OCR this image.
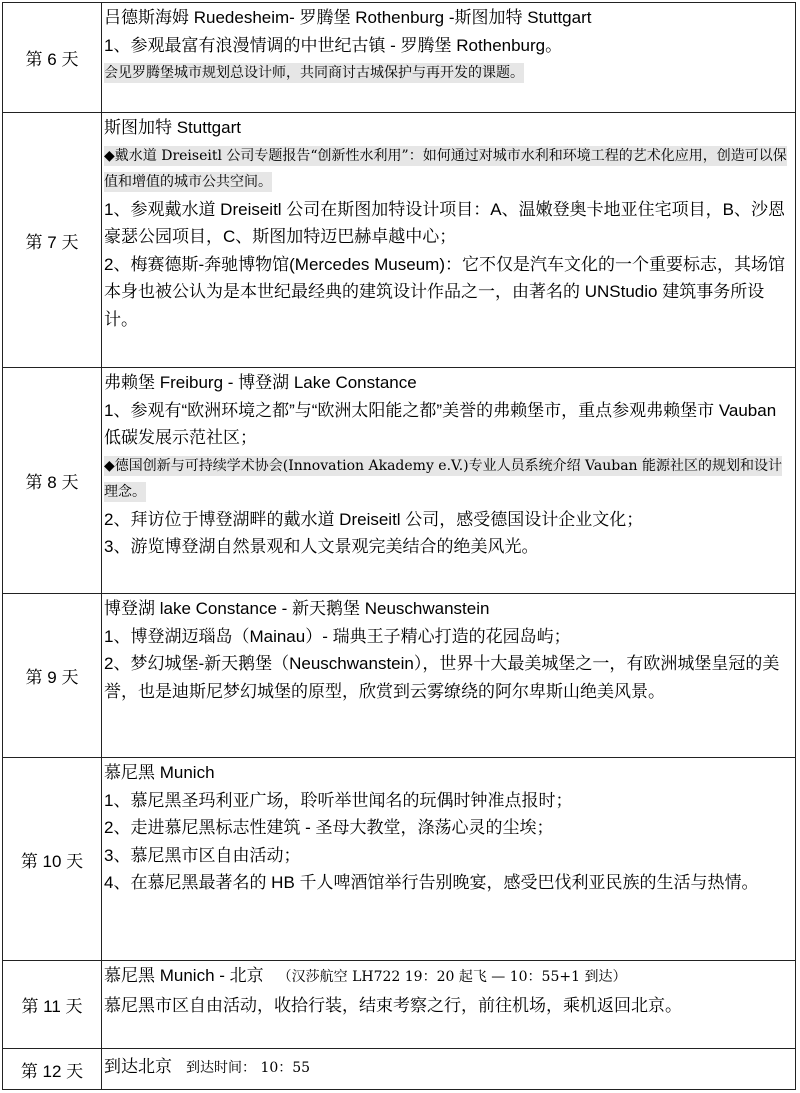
第 6 天	吕德斯海姆 Ruedesheim- 罗腾堡 Rothenburg -斯图加特 Stuttgart
1、参观最富有浪漫情调的中世纪古镇 - 罗腾堡 Rothenburg。
会见罗腾堡城市规划总设计师，共同商讨古城保护与再开发的课题。

第 7 天	斯图加特 Stuttgart
◆戴水道 Dreiseitl 公司专题报告“创新性水利用”：如何通过对城市水利和环境工程的艺术化应用，创造可以保值和增值的城市公共空间。
1、参观戴水道 Dreiseitl 公司在斯图加特设计项目：A、温嫩登奥卡地亚住宅项目，B、沙恩豪瑟公园项目，C、斯图加特迈巴赫卓越中心；
2、梅赛德斯-奔驰博物馆(Mercedes Museum)：它不仅是汽车文化的一个重要标志，其场馆本身也被公认为是本世纪最经典的建筑设计作品之一，由著名的 UNStudio 建筑事务所设计。

第 8 天	弗赖堡 Freiburg - 博登湖 Lake Constance
1、参观有“欧洲环境之都”与“欧洲太阳能之都”美誉的弗赖堡市，重点参观弗赖堡市 Vauban 低碳发展示范社区；
◆德国创新与可持续学术协会(Innovation Akademy e.V.)专业人员系统介绍 Vauban 能源社区的规划和设计理念。
2、拜访位于博登湖畔的戴水道 Dreiseitl 公司，感受德国设计企业文化；
3、游览博登湖自然景观和人文景观完美结合的绝美风光。

第 9 天	博登湖 lake Constance - 新天鹅堡 Neuschwanstein
1、博登湖迈瑙岛（Mainau）- 瑞典王子精心打造的花园岛屿；
2、梦幻城堡-新天鹅堡（Neuschwanstein），世界十大最美城堡之一，有欧洲城堡皇冠的美誉，也是迪斯尼梦幻城堡的原型，欣赏到云雾缭绕的阿尔卑斯山绝美风景。

第 10 天	慕尼黑 Munich
1、慕尼黑圣玛利亚广场，聆听举世闻名的玩偶时钟准点报时；
2、走进慕尼黑标志性建筑 - 圣母大教堂，涤荡心灵的尘埃；
3、慕尼黑市区自由活动；
4、在慕尼黑最著名的 HB 千人啤酒馆举行告别晚宴，感受巴伐利亚民族的生活与热情。

第 11 天	慕尼黑 Munich - 北京 （汉莎航空 LH722 19：20 起飞 — 10：55+1 到达）
慕尼黑市区自由活动，收拾行装，结束考察之行，前往机场，乘机返回北京。

第 12 天	到达北京 到达时间： 10：55
